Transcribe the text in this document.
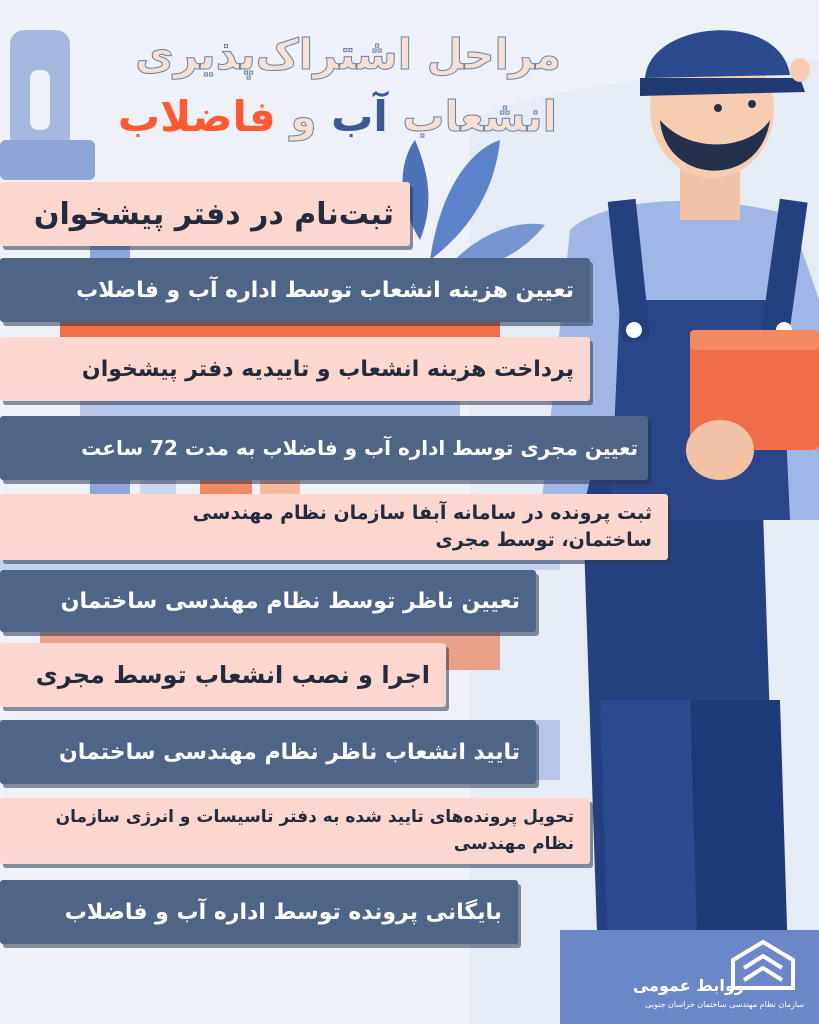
مراحل اشتراک‌پذیری
انشعاب آب و فاضلاب
ثبت‌نام در دفتر پیشخوان
تعیین هزینه انشعاب توسط اداره آب و فاضلاب
پرداخت هزینه انشعاب و تاییدیه دفتر پیشخوان
تعیین مجری توسط اداره آب و فاضلاب به مدت 72 ساعت
ثبت پرونده در سامانه آبفا سازمان نظام مهندسی ساختمان، توسط مجری
تعیین ناظر توسط نظام مهندسی ساختمان
اجرا و نصب انشعاب توسط مجری
تایید انشعاب ناظر نظام مهندسی ساختمان
تحویل پرونده‌های تایید شده به دفتر تاسیسات و انرژی سازمان نظام مهندسی
بایگانی پرونده توسط اداره آب و فاضلاب
روابط عمومی
سازمان نظام مهندسی ساختمان خراسان جنوبی
